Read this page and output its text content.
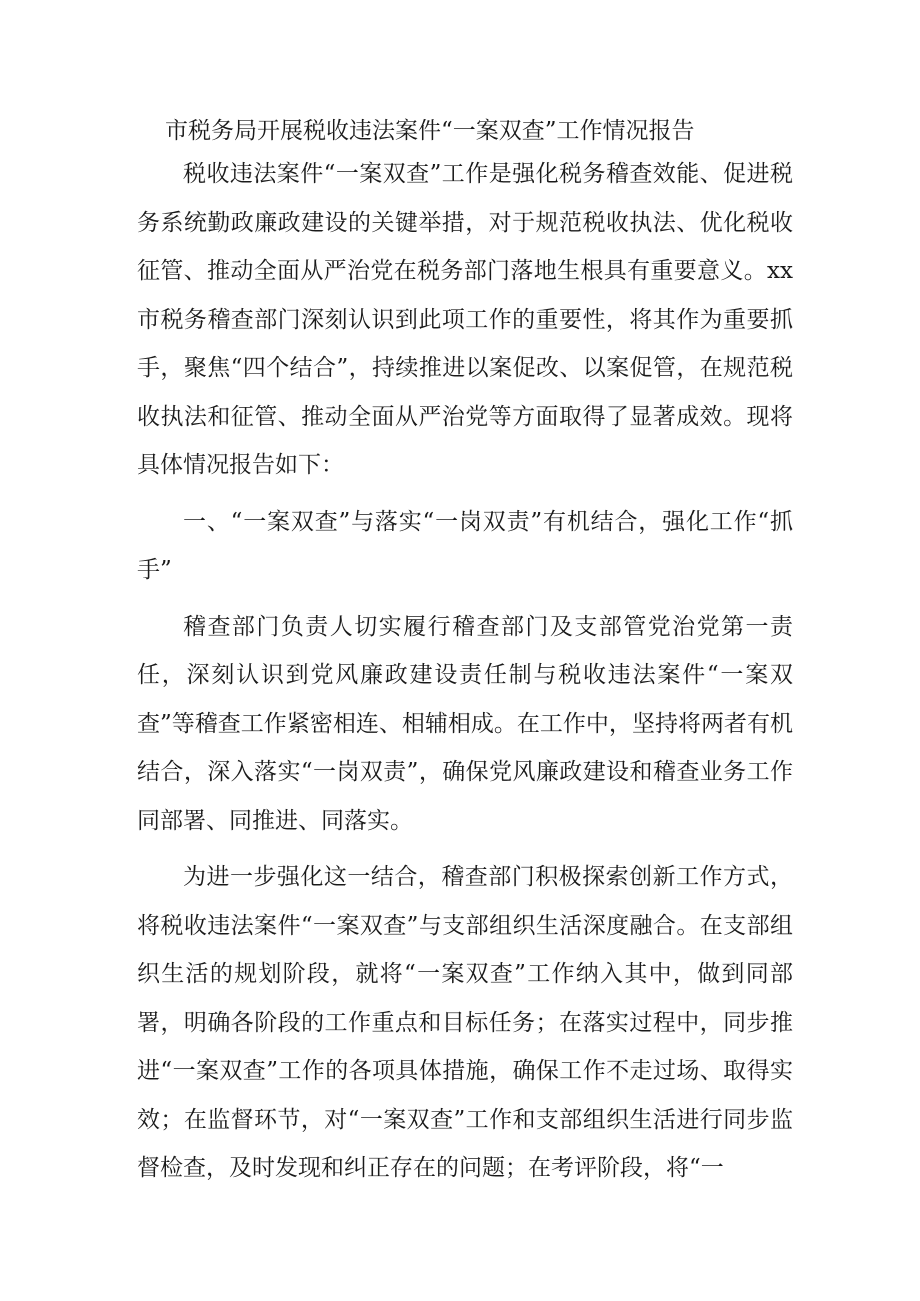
市税务局开展税收违法案件“一案双查”工作情况报告

税收违法案件“一案双查”工作是强化税务稽查效能、促进税务系统勤政廉政建设的关键举措，对于规范税收执法、优化税收征管、推动全面从严治党在税务部门落地生根具有重要意义。xx市税务稽查部门深刻认识到此项工作的重要性，将其作为重要抓手，聚焦“四个结合”，持续推进以案促改、以案促管，在规范税收执法和征管、推动全面从严治党等方面取得了显著成效。现将具体情况报告如下：

一、“一案双查”与落实“一岗双责”有机结合，强化工作“抓手”

稽查部门负责人切实履行稽查部门及支部管党治党第一责任，深刻认识到党风廉政建设责任制与税收违法案件“一案双查”等稽查工作紧密相连、相辅相成。在工作中，坚持将两者有机结合，深入落实“一岗双责”，确保党风廉政建设和稽查业务工作同部署、同推进、同落实。

为进一步强化这一结合，稽查部门积极探索创新工作方式，将税收违法案件“一案双查”与支部组织生活深度融合。在支部组织生活的规划阶段，就将“一案双查”工作纳入其中，做到同部署，明确各阶段的工作重点和目标任务；在落实过程中，同步推进“一案双查”工作的各项具体措施，确保工作不走过场、取得实效；在监督环节，对“一案双查”工作和支部组织生活进行同步监督检查，及时发现和纠正存在的问题；在考评阶段，将“一
